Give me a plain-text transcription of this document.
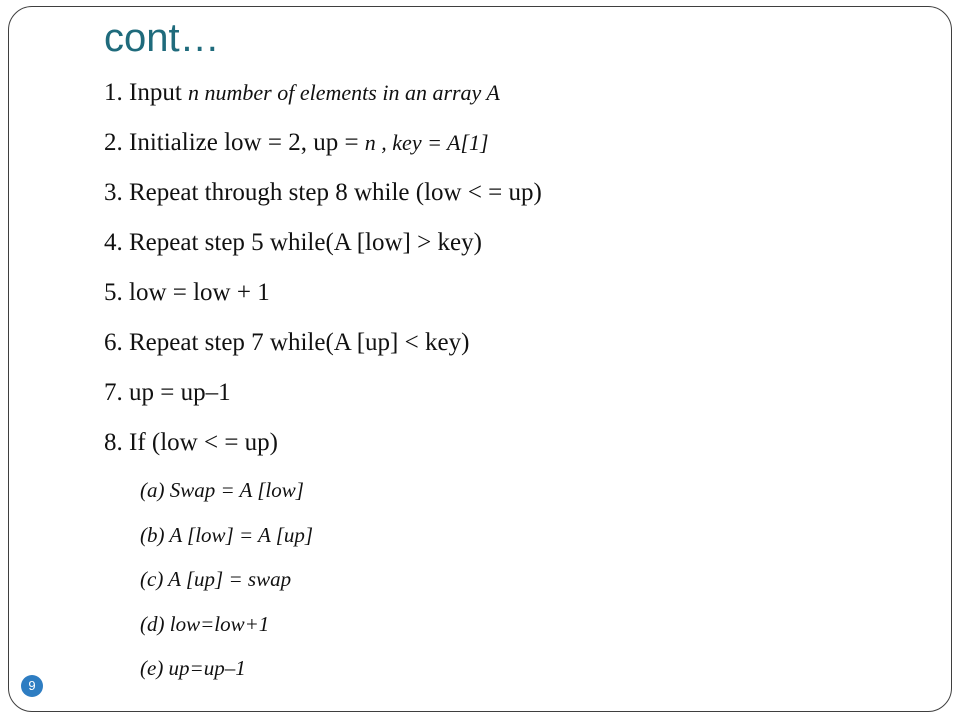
cont…
1. Input n number of elements in an array A
2. Initialize low = 2, up = n , key = A[1]
3. Repeat through step 8 while (low < = up)
4. Repeat step 5 while(A [low] > key)
5. low = low + 1
6. Repeat step 7 while(A [up] < key)
7. up = up–1
8. If (low < = up)
(a) Swap = A [low]
(b) A [low] = A [up]
(c) A [up] = swap
(d) low=low+1
(e) up=up–1
9
